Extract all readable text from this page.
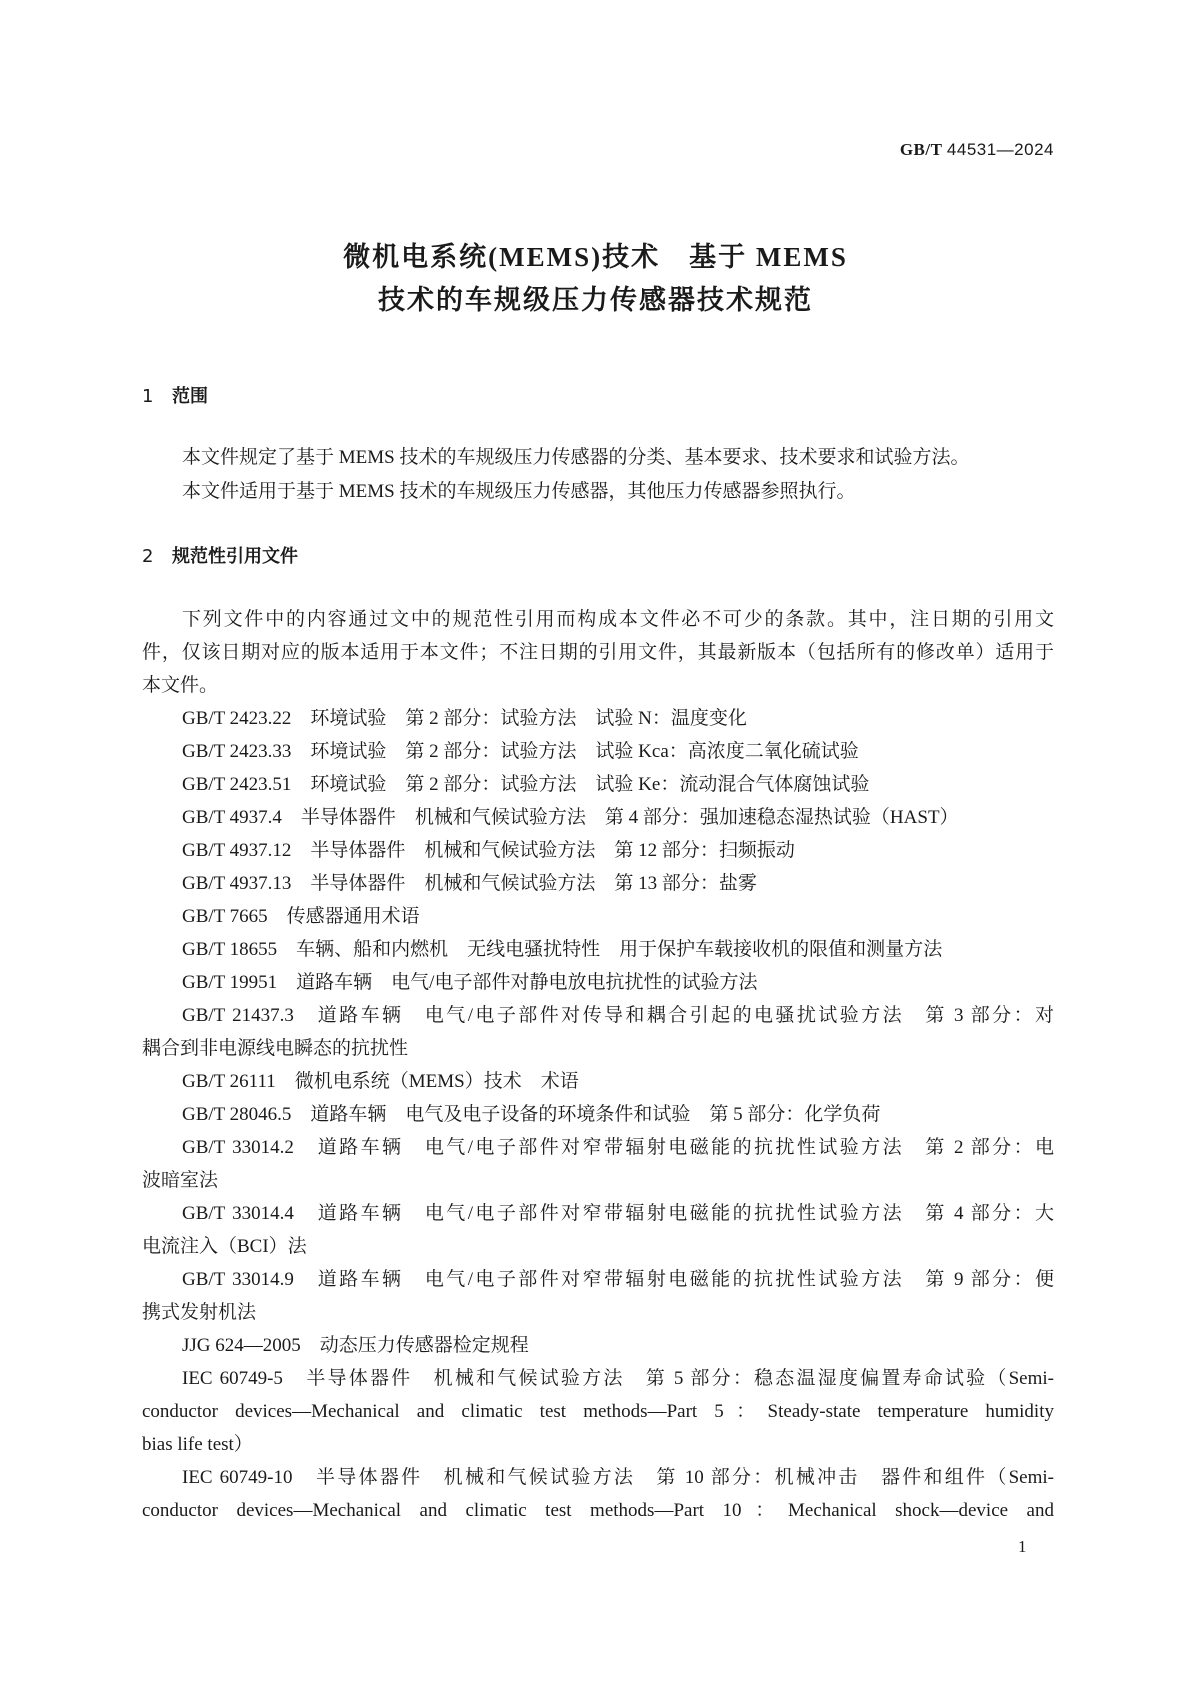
GB/T 44531—2024
微机电系统(MEMS)技术　基于 MEMS
技术的车规级压力传感器技术规范
1 范围
本文件规定了基于 MEMS 技术的车规级压力传感器的分类、基本要求、技术要求和试验方法。
本文件适用于基于 MEMS 技术的车规级压力传感器，其他压力传感器参照执行。
2 规范性引用文件
下列文件中的内容通过文中的规范性引用而构成本文件必不可少的条款。其中，注日期的引用文
件，仅该日期对应的版本适用于本文件；不注日期的引用文件，其最新版本（包括所有的修改单）适用于
本文件。
GB/T 2423.22　环境试验　第 2 部分：试验方法　试验 N：温度变化
GB/T 2423.33　环境试验　第 2 部分：试验方法　试验 Kca：高浓度二氧化硫试验
GB/T 2423.51　环境试验　第 2 部分：试验方法　试验 Ke：流动混合气体腐蚀试验
GB/T 4937.4　半导体器件　机械和气候试验方法　第 4 部分：强加速稳态湿热试验（HAST）
GB/T 4937.12　半导体器件　机械和气候试验方法　第 12 部分：扫频振动
GB/T 4937.13　半导体器件　机械和气候试验方法　第 13 部分：盐雾
GB/T 7665　传感器通用术语
GB/T 18655　车辆、船和内燃机　无线电骚扰特性　用于保护车载接收机的限值和测量方法
GB/T 19951　道路车辆　电气/电子部件对静电放电抗扰性的试验方法
GB/T 21437.3　道路车辆　电气/电子部件对传导和耦合引起的电骚扰试验方法　第 3 部分：对
耦合到非电源线电瞬态的抗扰性
GB/T 26111　微机电系统（MEMS）技术　术语
GB/T 28046.5　道路车辆　电气及电子设备的环境条件和试验　第 5 部分：化学负荷
GB/T 33014.2　道路车辆　电气/电子部件对窄带辐射电磁能的抗扰性试验方法　第 2 部分：电
波暗室法
GB/T 33014.4　道路车辆　电气/电子部件对窄带辐射电磁能的抗扰性试验方法　第 4 部分：大
电流注入（BCI）法
GB/T 33014.9　道路车辆　电气/电子部件对窄带辐射电磁能的抗扰性试验方法　第 9 部分：便
携式发射机法
JJG 624—2005　动态压力传感器检定规程
IEC 60749-5　半导体器件　机械和气候试验方法　第 5 部分：稳态温湿度偏置寿命试验（Semi-
conductor devices—Mechanical and climatic test methods—Part 5：Steady-state temperature humidity
bias life test）
IEC 60749-10　半导体器件　机械和气候试验方法　第 10 部分：机械冲击　器件和组件（Semi-
conductor devices—Mechanical and climatic test methods—Part 10：Mechanical shock—device and
1
